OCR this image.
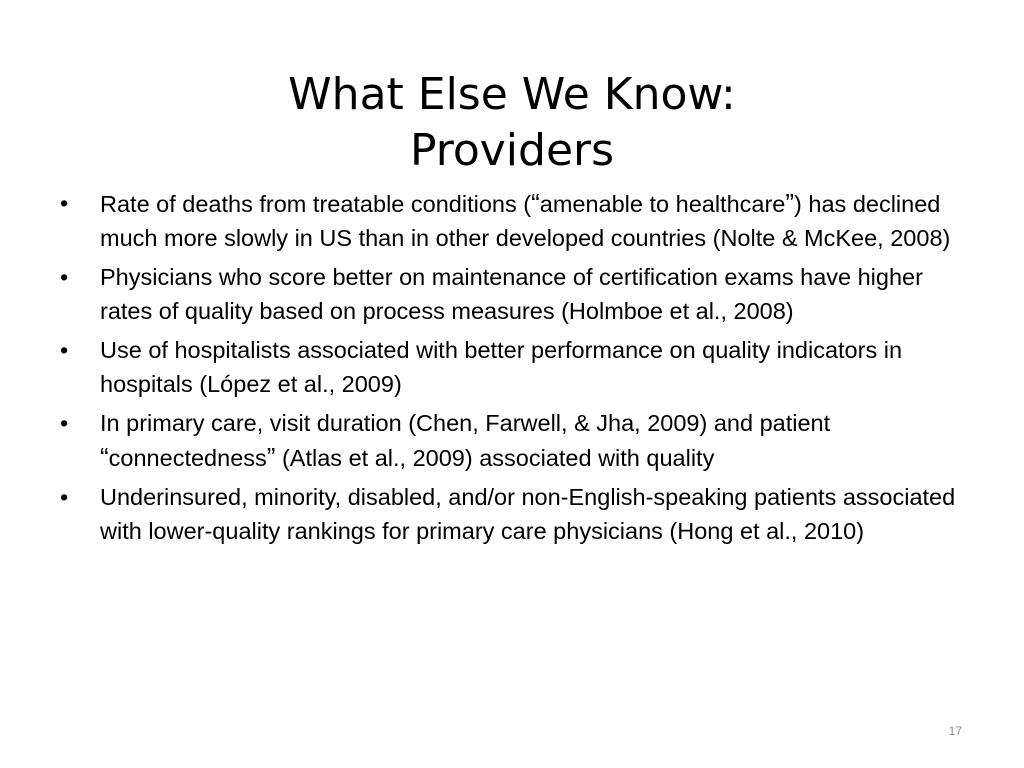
What Else We Know:
Providers
• Rate of deaths from treatable conditions (“amenable to healthcare”) has declined much more slowly in US than in other developed countries (Nolte & McKee, 2008)
• Physicians who score better on maintenance of certification exams have higher rates of quality based on process measures (Holmboe et al., 2008)
• Use of hospitalists associated with better performance on quality indicators in hospitals (López et al., 2009)
• In primary care, visit duration (Chen, Farwell, & Jha, 2009) and patient “connectedness” (Atlas et al., 2009) associated with quality
• Underinsured, minority, disabled, and/or non-English-speaking patients associated with lower-quality rankings for primary care physicians (Hong et al., 2010)
17
